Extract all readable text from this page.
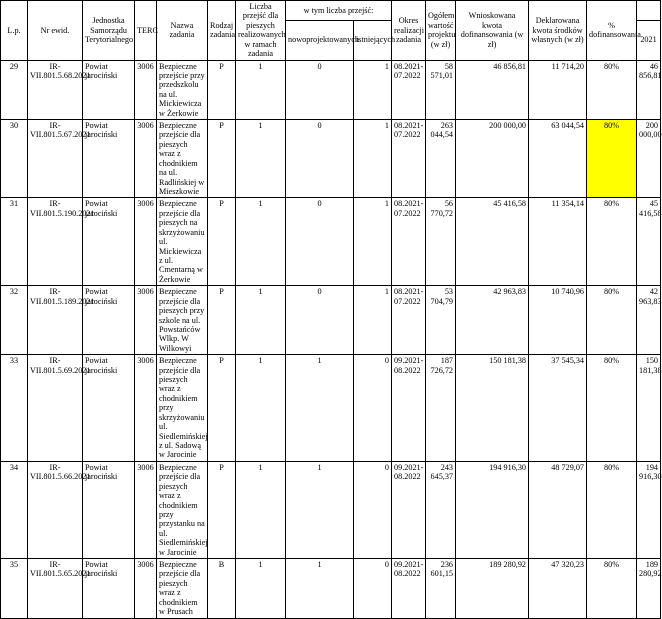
L.p.	Nr ewid.	Jednostka Samorządu Terytorialnego	TERC	Nazwa zadania	Rodzaj zadania	Liczba przejść dla pieszych realizowanych w ramach zadania	w tym liczba przejść:		Okres realizacji zadania	Ogółem wartość projektu (w zł)	Wnioskowana kwota dofinansowania (w zł)	Deklarowana kwota środków własnych (w zł)	% dofinansowania	
							nowoprojektowanych	istniejących						2021
29	IR-VII.801.5.68.2021	Powiat jarociński	3006	Bezpieczne przejście przy przedszkolu na ul. Mickiewicza w Żerkowie	P	1	0	1	08.2021-07.2022	58 571,01	46 856,81	11 714,20	80%	46 856,81
30	IR-VII.801.5.67.2021	Powiat jarociński	3006	Bezpieczne przejście dla pieszych wraz z chodnikiem na ul. Radlińskiej w Mieszkowie	P	1	0	1	08.2021-07.2022	263 044,54	200 000,00	63 044,54	80%	200 000,00
31	IR-VII.801.5.190.2021	Powiat jarociński	3006	Bezpieczne przejście dla pieszych na skrzyżowaniu ul. Mickiewicza z ul. Cmentarną w Żerkowie	P	1	0	1	08.2021-07.2022	56 770,72	45 416,58	11 354,14	80%	45 416,58
32	IR-VII.801.5.189.2021	Powiat jarociński	3006	Bezpieczne przejście dla pieszych przy szkole na ul. Powstańców Wlkp. W Wilkowyi	P	1	0	1	08.2021-07.2022	53 704,79	42 963,83	10 740,96	80%	42 963,83
33	IR-VII.801.5.69.2021	Powiat jarociński	3006	Bezpieczne przejście dla pieszych wraz z chodnikiem przy skrzyżowaniu ul. Siedlemińskiej z ul. Sadową w Jarocinie	P	1	1	0	09.2021-08.2022	187 726,72	150 181,38	37 545,34	80%	150 181,38
34	IR-VII.801.5.66.2021	Powiat jarociński	3006	Bezpieczne przejście dla pieszych wraz z chodnikiem przy przystanku na ul. Siedlemińskiej w Jarocinie	P	1	1	0	09.2021-08.2022	243 645,37	194 916,30	48 729,07	80%	194 916,30
35	IR-VII.801.5.65.2021	Powiat jarociński	3006	Bezpieczne przejście dla pieszych wraz z chodnikiem w Prusach	B	1	1	0	09.2021-08.2022	236 601,15	189 280,92	47 320,23	80%	189 280,92
